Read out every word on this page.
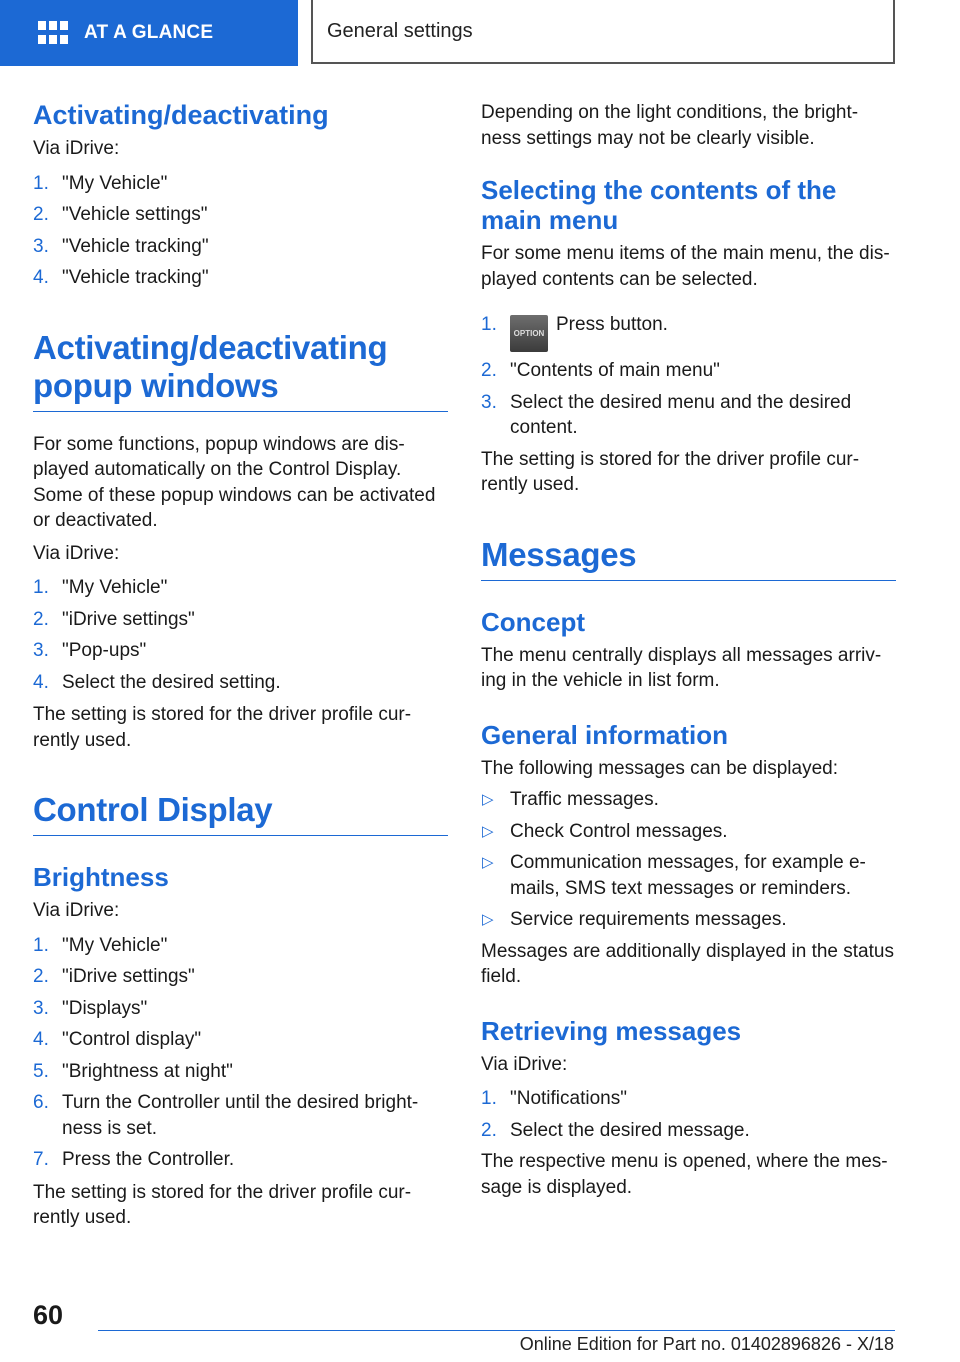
AT A GLANCE	General settings
Activating/deactivating

Via iDrive:

1. "My Vehicle"
2. "Vehicle settings"
3. "Vehicle tracking"
4. "Vehicle tracking"
Activating/deactivating
popup windows

For some functions, popup windows are dis-

played automatically on the Control Display.

Some of these popup windows can be activated

or deactivated.

Via iDrive:

1. "My Vehicle"
2. "iDrive settings"
3. "Pop-ups"
4. Select the desired setting.

The setting is stored for the driver profile cur-

rently used.

Control Display
Brightness

Via iDrive:

1. "My Vehicle"
2. "iDrive settings"
3. "Displays"
4. "Control display"
5. "Brightness at night"
6. Turn the Controller until the desired bright-
ness is set.
7. Press the Controller.

The setting is stored for the driver profile cur-

rently used.

Depending on the light conditions, the bright-

ness settings may not be clearly visible.

Selecting the contents of the
main menu

For some menu items of the main menu, the dis-

played contents can be selected.

1. OPTION Press button.
2. "Contents of main menu"
3. Select the desired menu and the desired
content.

The setting is stored for the driver profile cur-

rently used.

Messages
Concept

The menu centrally displays all messages arriv-

ing in the vehicle in list form.

General information

The following messages can be displayed:

▷ Traffic messages.
▷ Check Control messages.
▷ Communication messages, for example e-
mails, SMS text messages or reminders.
▷ Service requirements messages.

Messages are additionally displayed in the status

field.

Retrieving messages

Via iDrive:

1. "Notifications"
2. Select the desired message.

The respective menu is opened, where the mes-

sage is displayed.

60
Online Edition for Part no. 01402896826 - X/18
